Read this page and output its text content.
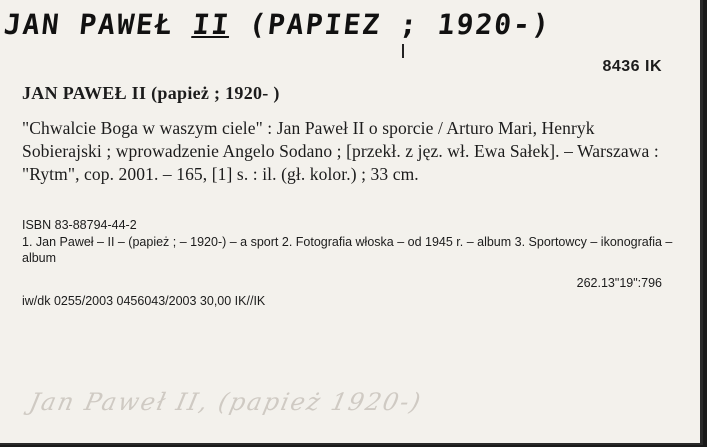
JAN PAWEŁ II (PAPIEZ ; 1920-)
8436 IK
JAN PAWEŁ II (papież ; 1920- )
"Chwalcie Boga w waszym ciele" : Jan Paweł II o sporcie / Arturo Mari, Henryk Sobierajski ; wprowadzenie Angelo Sodano ; [przekł. z jęz. wł. Ewa Sałek]. – Warszawa : "Rytm", cop. 2001. – 165, [1] s. : il. (gł. kolor.) ; 33 cm.
ISBN 83-88794-44-2
1. Jan Paweł – II – (papież ; – 1920-) – a sport 2. Fotografia włoska – od 1945 r. – album 3. Sportowcy – ikonografia – album
262.13"19":796
iw/dk 0255/2003 0456043/2003 30,00 IK//IK
Jan Paweł II, (papież 1920-)
